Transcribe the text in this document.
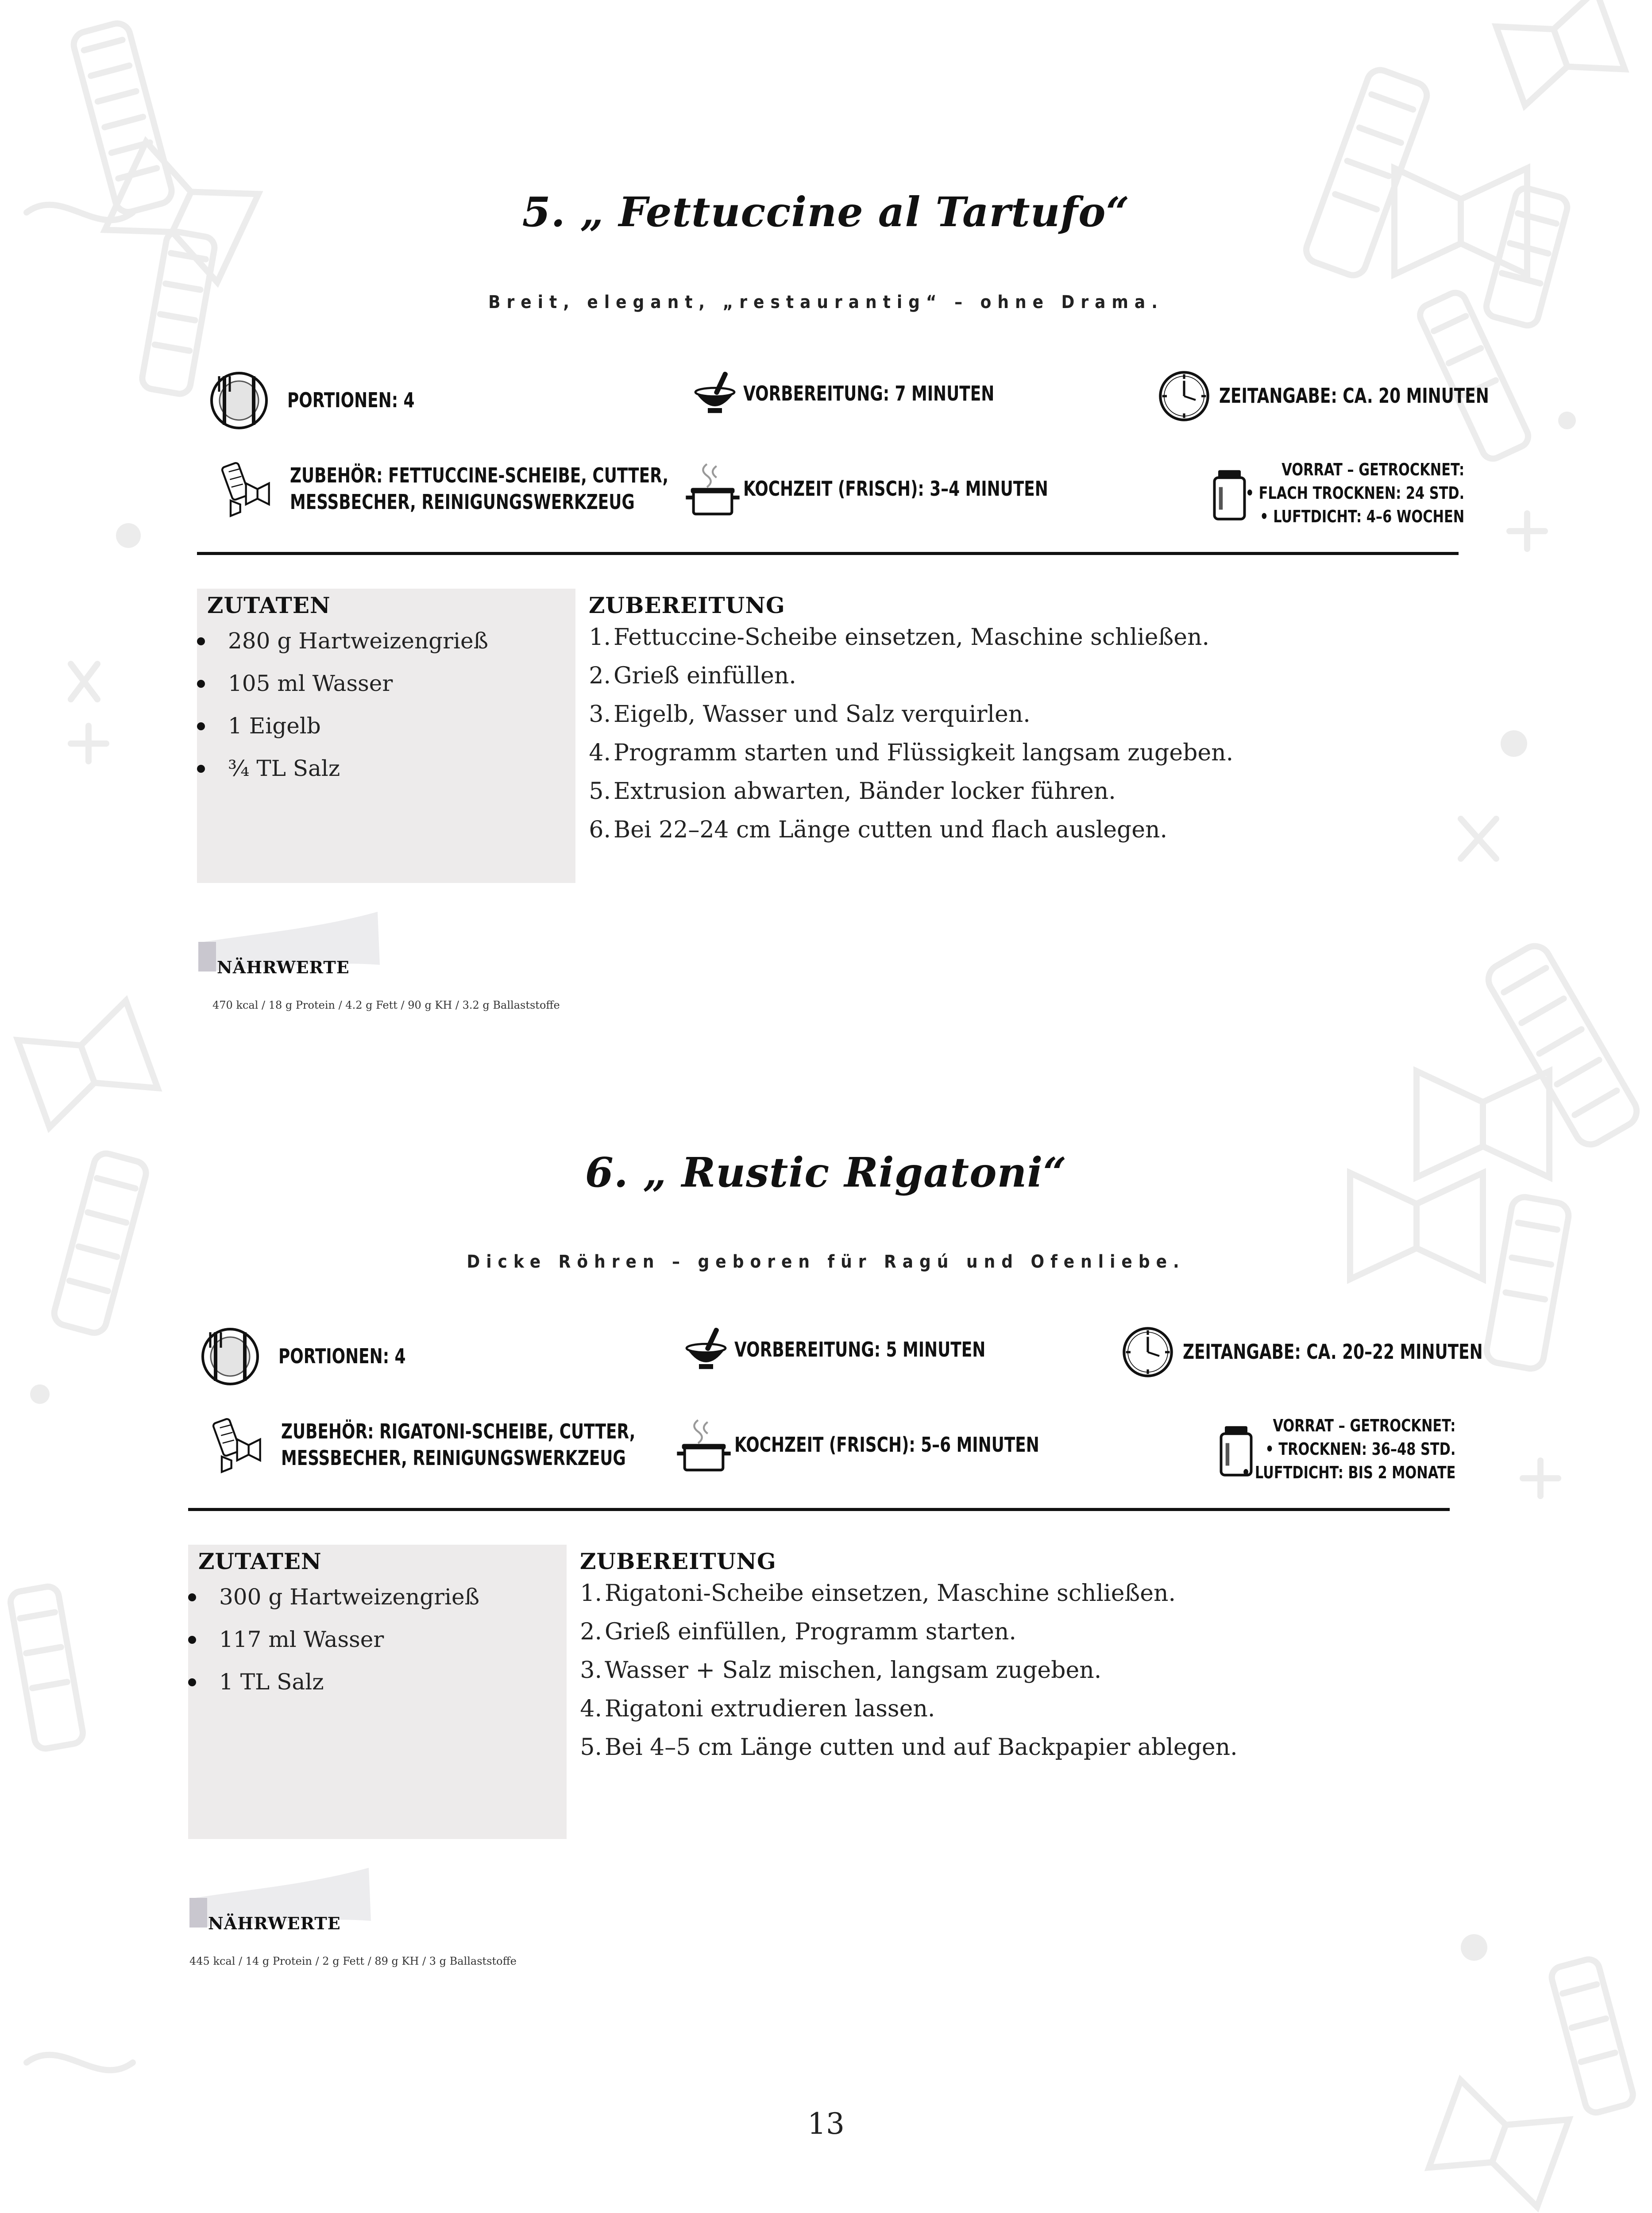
5. „ Fettuccine al Tartufo“
Breit, elegant, „restaurantig“ – ohne Drama.
PORTIONEN: 4	VORBEREITUNG: 7 MINUTEN	ZEITANGABE: CA. 20 MINUTEN
ZUBEHÖR: FETTUCCINE-SCHEIBE, CUTTER,
MESSBECHER, REINIGUNGSWERKZEUG
KOCHZEIT (FRISCH): 3–4 MINUTEN
VORRAT – GETROCKNET:
• FLACH TROCKNEN: 24 STD.
• LUFTDICHT: 4–6 WOCHEN
ZUTATEN
280 g Hartweizengrieß
105 ml Wasser
1 Eigelb
¾ TL Salz
ZUBEREITUNG
1. Fettuccine-Scheibe einsetzen, Maschine schließen.
2. Grieß einfüllen.
3. Eigelb, Wasser und Salz verquirlen.
4. Programm starten und Flüssigkeit langsam zugeben.
5. Extrusion abwarten, Bänder locker führen.
6. Bei 22–24 cm Länge cutten und flach auslegen.
NÄHRWERTE
470 kcal / 18 g Protein / 4.2 g Fett / 90 g KH / 3.2 g Ballaststoffe
6. „ Rustic Rigatoni“
Dicke Röhren – geboren für Ragú und Ofenliebe.
PORTIONEN: 4	VORBEREITUNG: 5 MINUTEN	ZEITANGABE: CA. 20–22 MINUTEN
ZUBEHÖR: RIGATONI-SCHEIBE, CUTTER,
MESSBECHER, REINIGUNGSWERKZEUG
KOCHZEIT (FRISCH): 5–6 MINUTEN
VORRAT – GETROCKNET:
• TROCKNEN: 36–48 STD.
• LUFTDICHT: BIS 2 MONATE
ZUTATEN
300 g Hartweizengrieß
117 ml Wasser
1 TL Salz
ZUBEREITUNG
1. Rigatoni-Scheibe einsetzen, Maschine schließen.
2. Grieß einfüllen, Programm starten.
3. Wasser + Salz mischen, langsam zugeben.
4. Rigatoni extrudieren lassen.
5. Bei 4–5 cm Länge cutten und auf Backpapier ablegen.
NÄHRWERTE
445 kcal / 14 g Protein / 2 g Fett / 89 g KH / 3 g Ballaststoffe
13
